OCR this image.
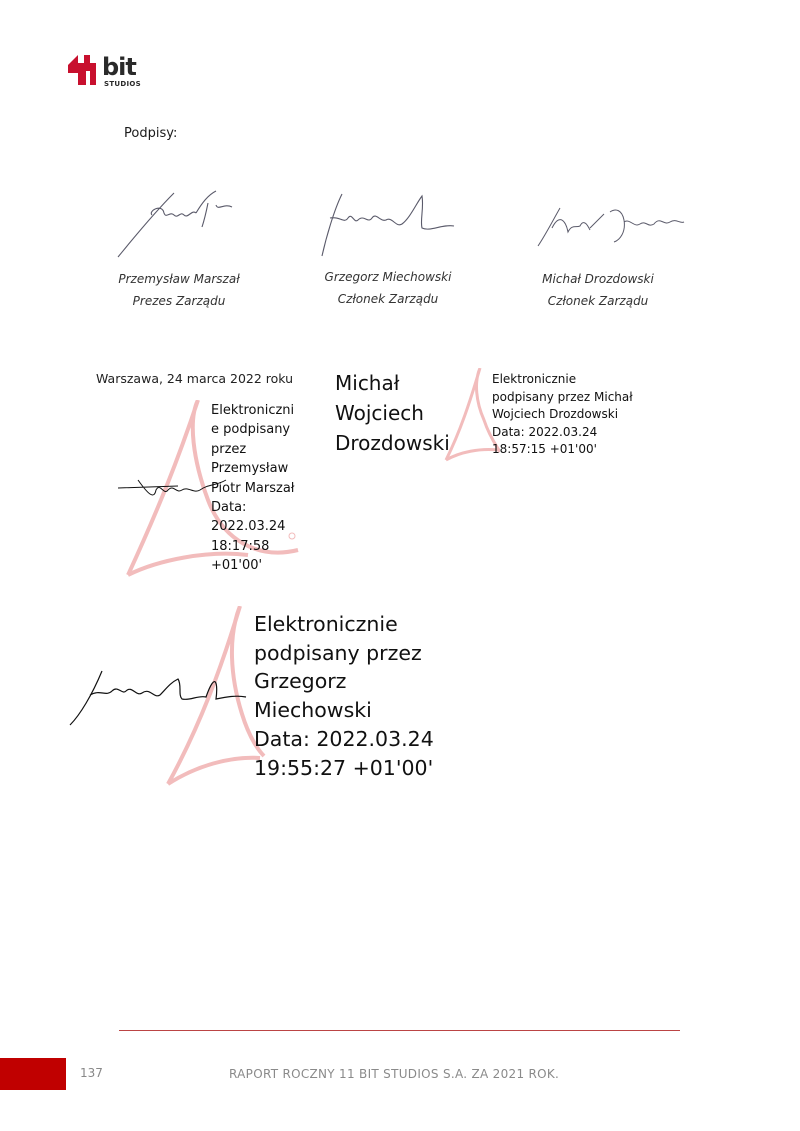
bit
STUDIOS
Podpisy:
Przemysław Marszał
Prezes Zarządu
Grzegorz Miechowski
Członek Zarządu
Michał Drozdowski
Członek Zarządu
Warszawa, 24 marca 2022 roku
Elektroniczni
e podpisany
przez
Przemysław
Piotr Marszał
Data:
2022.03.24
18:17:58
+01'00'
Michał
Wojciech
Drozdowski
Elektronicznie
podpisany przez Michał
Wojciech Drozdowski
Data: 2022.03.24
18:57:15 +01'00'
Elektronicznie
podpisany przez
Grzegorz
Miechowski
Data: 2022.03.24
19:55:27 +01'00'
137	RAPORT ROCZNY 11 BIT STUDIOS S.A. ZA 2021 ROK.
